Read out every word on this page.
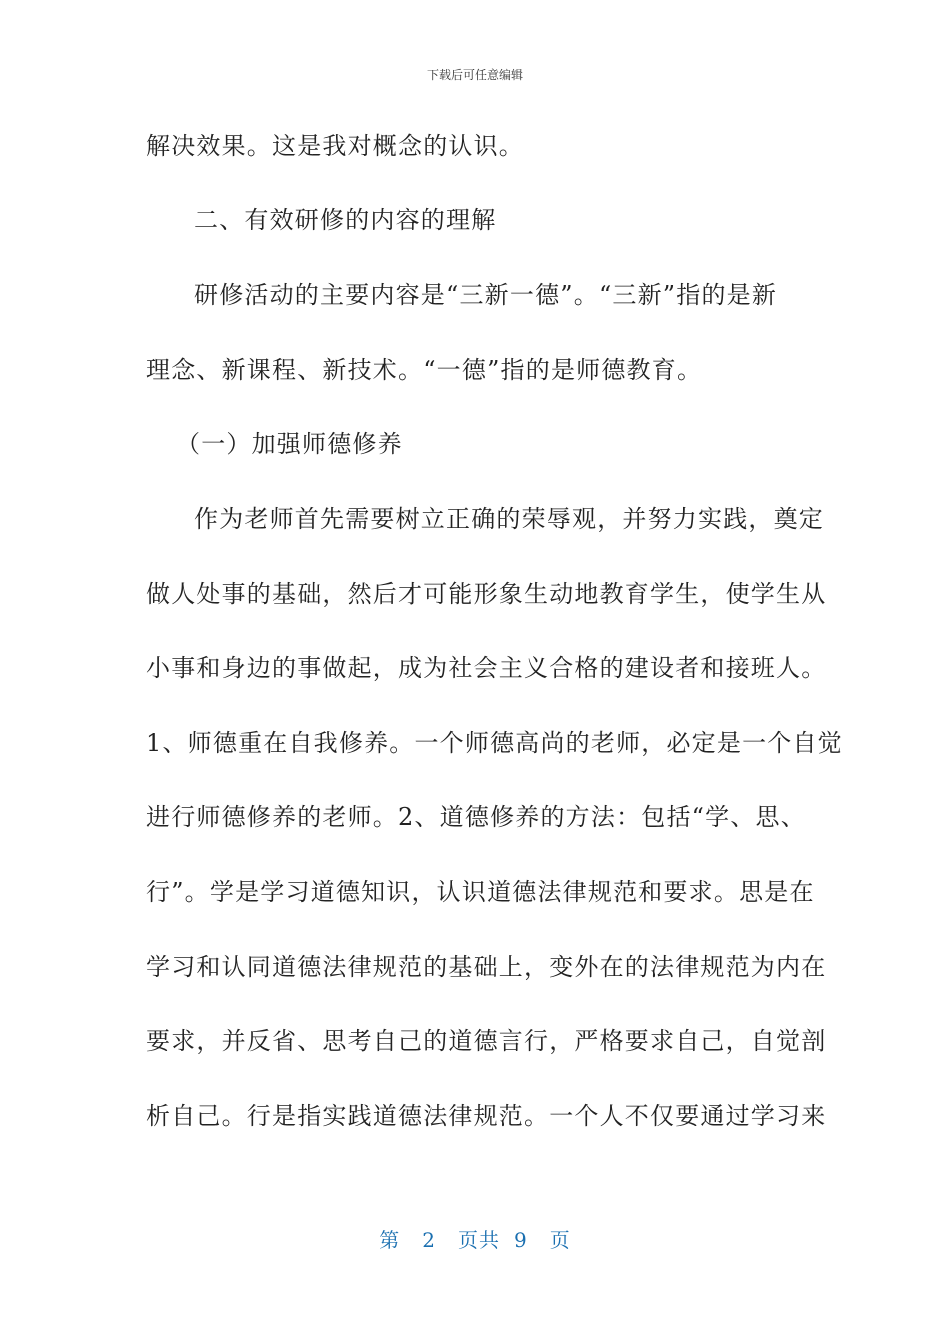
下载后可任意编辑
解决效果。这是我对概念的认识。
二、有效研修的内容的理解
研修活动的主要内容是“三新一德”。“三新”指的是新
理念、新课程、新技术。“一德”指的是师德教育。
（一）加强师德修养
作为老师首先需要树立正确的荣辱观，并努力实践，奠定
做人处事的基础，然后才可能形象生动地教育学生，使学生从
小事和身边的事做起，成为社会主义合格的建设者和接班人。
1、师德重在自我修养。一个师德高尚的老师，必定是一个自觉
进行师德修养的老师。2、道德修养的方法：包括“学、思、
行”。学是学习道德知识，认识道德法律规范和要求。思是在
学习和认同道德法律规范的基础上，变外在的法律规范为内在
要求，并反省、思考自己的道德言行，严格要求自己，自觉剖
析自己。行是指实践道德法律规范。一个人不仅要通过学习来
第 2 页共 9 页
